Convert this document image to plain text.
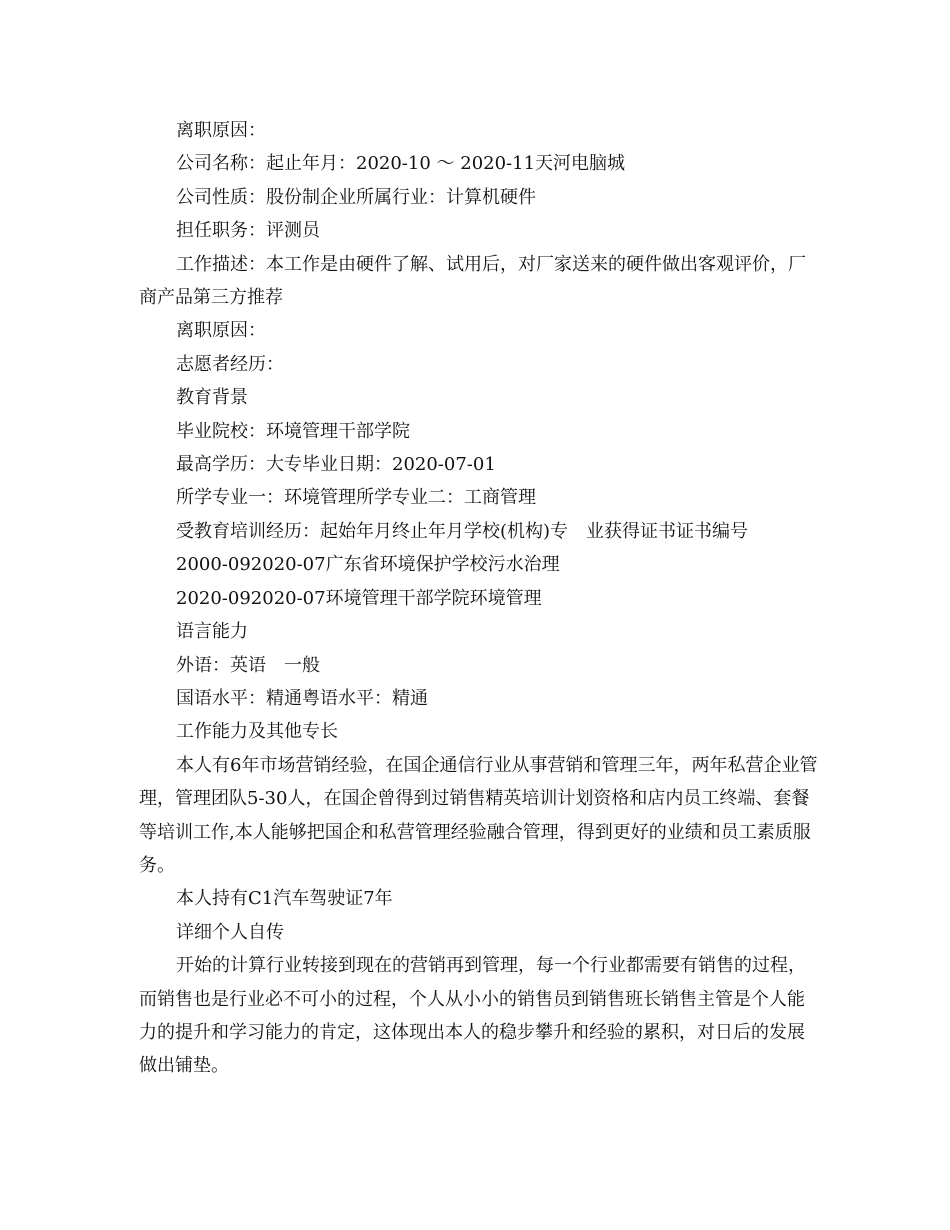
离职原因：

公司名称：起止年月：2020-10 ～ 2020-11天河电脑城

公司性质：股份制企业所属行业：计算机硬件

担任职务：评测员

工作描述：本工作是由硬件了解、试用后，对厂家送来的硬件做出客观评价，厂商产品第三方推荐

离职原因：

志愿者经历：

教育背景

毕业院校：环境管理干部学院

最高学历：大专毕业日期：2020-07-01

所学专业一：环境管理所学专业二：工商管理

受教育培训经历：起始年月终止年月学校(机构)专　业获得证书证书编号

2000-092020-07广东省环境保护学校污水治理

2020-092020-07环境管理干部学院环境管理

语言能力

外语：英语　一般

国语水平：精通粤语水平：精通

工作能力及其他专长

本人有6年市场营销经验，在国企通信行业从事营销和管理三年，两年私营企业管理，管理团队5-30人，在国企曾得到过销售精英培训计划资格和店内员工终端、套餐等培训工作,本人能够把国企和私营管理经验融合管理，得到更好的业绩和员工素质服务。

本人持有C1汽车驾驶证7年

详细个人自传

开始的计算行业转接到现在的营销再到管理，每一个行业都需要有销售的过程，而销售也是行业必不可小的过程，个人从小小的销售员到销售班长销售主管是个人能力的提升和学习能力的肯定，这体现出本人的稳步攀升和经验的累积，对日后的发展做出铺垫。
